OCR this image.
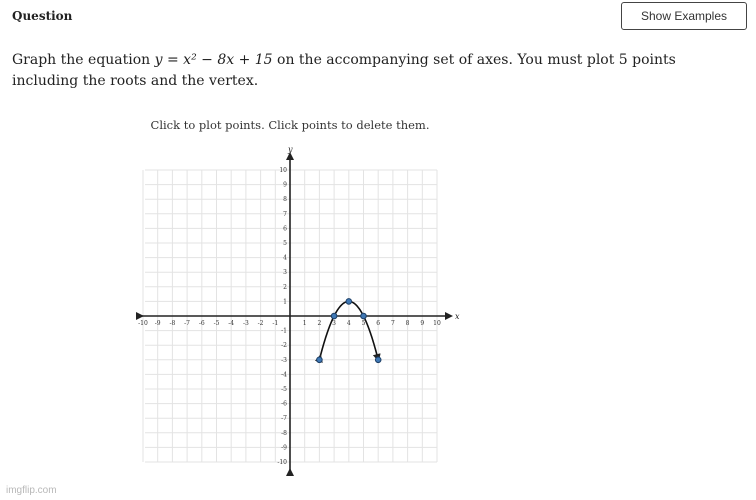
Question	Show Examples
Graph the equation y = x² − 8x + 15 on the accompanying set of axes. You must plot 5 points including the roots and the vertex.
Click to plot points. Click points to delete them.
x
y
-10 -9 -8 -7 -6 -5 -4 -3 -2 -1	1 2 3 4 5 6 7 8 9 10
10
9
8
7
6
5
4
3
2
1
-1
-2
-3
-4
-5
-6
-7
-8
-9
-10
imgflip.com
